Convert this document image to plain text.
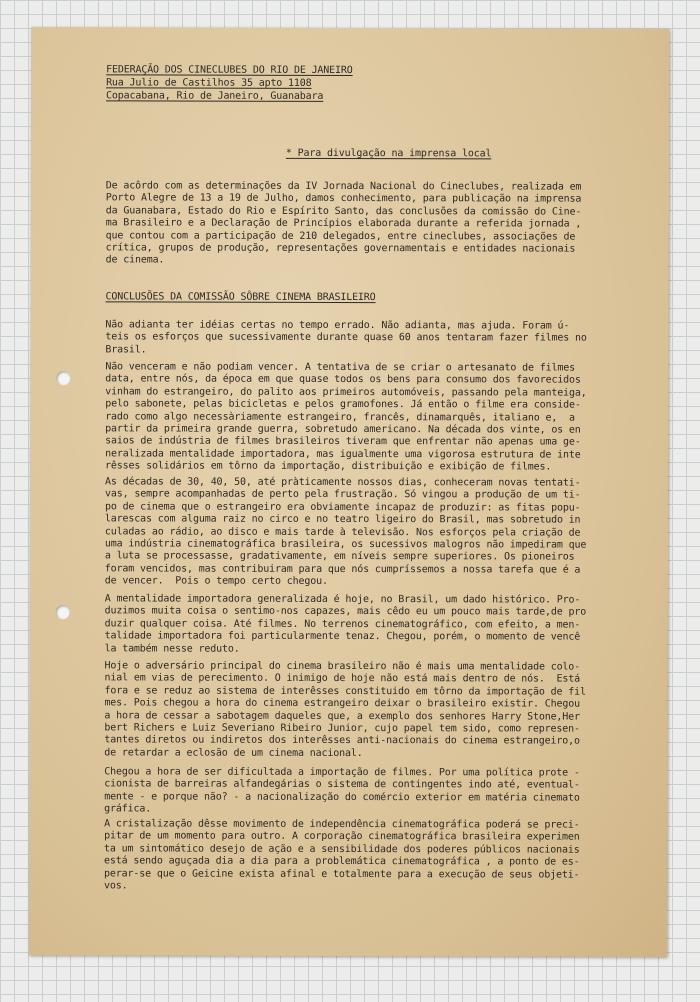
FEDERAÇÃO DOS CINECLUBES DO RIO DE JANEIRO
Rua Julio de Castilhos 35 apto 1108
Copacabana, Rio de Janeiro, Guanabara
* Para divulgação na imprensa local
De acôrdo com as determinações da IV Jornada Nacional do Cineclubes, realizada em
Porto Alegre de 13 a 19 de Julho, damos conhecimento, para publicação na imprensa
da Guanabara, Estado do Rio e Espírito Santo, das conclusões da comissão do Cine-
ma Brasileiro e a Declaração de Princípios elaborada durante a referida jornada ,
que contou com a participação de 210 delegados, entre cineclubes, associações de
crítica, grupos de produção, representações governamentais e entidades nacionais
de cinema.
CONCLUSÕES DA COMISSÃO SÔBRE CINEMA BRASILEIRO
Não adianta ter idéias certas no tempo errado. Não adianta, mas ajuda. Foram ú-
teis os esforços que sucessivamente durante quase 60 anos tentaram fazer filmes no
Brasil.
Não venceram e não podiam vencer. A tentativa de se criar o artesanato de filmes
data, entre nós, da época em que quase todos os bens para consumo dos favorecidos
vinham do estrangeiro, do palito aos primeiros automóveis, passando pela manteiga,
pelo sabonete, pelas bicicletas e pelos gramofones. Já então o filme era conside-
rado como algo necessàriamente estrangeiro, francês, dinamarquês, italiano e,  a
partir da primeira grande guerra, sobretudo americano. Na década dos vinte, os en
saios de indústria de filmes brasileiros tiveram que enfrentar não apenas uma ge-
neralizada mentalidade importadora, mas igualmente uma vigorosa estrutura de inte
rêsses solidários em tôrno da importação, distribuição e exibição de filmes.
As décadas de 30, 40, 50, até pràticamente nossos dias, conheceram novas tentati-
vas, sempre acompanhadas de perto pela frustração. Só vingou a produção de um ti-
po de cinema que o estrangeiro era obviamente incapaz de produzir: as fitas popu-
larescas com alguma raiz no circo e no teatro ligeiro do Brasil, mas sobretudo in
culadas ao rádio, ao disco e mais tarde à televisão. Nos esforços pela criação de
uma indústria cinematográfica brasileira, os sucessivos malogros não impediram que
a luta se processasse, gradativamente, em níveis sempre superiores. Os pioneiros
foram vencidos, mas contribuiram para que nós cumpríssemos a nossa tarefa que é a
de vencer.  Pois o tempo certo chegou.
A mentalidade importadora generalizada é hoje, no Brasil, um dado histórico. Pro-
duzimos muita coisa o sentimo-nos capazes, mais cêdo eu um pouco mais tarde,de pro
duzir qualquer coisa. Até filmes. No terrenos cinematográfico, com efeito, a men-
talidade importadora foi particularmente tenaz. Chegou, porém, o momento de vencê
la também nesse reduto.
Hoje o adversário principal do cinema brasileiro não é mais uma mentalidade colo-
nial em vias de perecimento. O inimigo de hoje não está mais dentro de nós.  Está
fora e se reduz ao sistema de interêsses constituido em tôrno da importação de fil
mes. Pois chegou a hora do cinema estrangeiro deixar o brasileiro existir. Chegou
a hora de cessar a sabotagem daqueles que, a exemplo dos senhores Harry Stone,Her
bert Richers e Luiz Severiano Ribeiro Junior, cujo papel tem sido, como represen-
tantes diretos ou indiretos dos interêsses anti-nacionais do cinema estrangeiro,o
de retardar a eclosão de um cinema nacional.
Chegou a hora de ser dificultada a importação de filmes. Por uma política prote -
cionista de barreiras alfandegárias o sistema de contingentes indo até, eventual-
mente - e porque não? - a nacionalização do comércio exterior em matéria cinemato
gráfica.
A cristalização dêsse movimento de independência cinematográfica poderá se preci-
pitar de um momento para outro. A corporação cinematográfica brasileira experimen
ta um sintomático desejo de ação e a sensibilidade dos poderes públicos nacionais
está sendo aguçada dia a dia para a problemática cinematográfica , a ponto de es-
perar-se que o Geicine exista afinal e totalmente para a execução de seus objeti-
vos.
